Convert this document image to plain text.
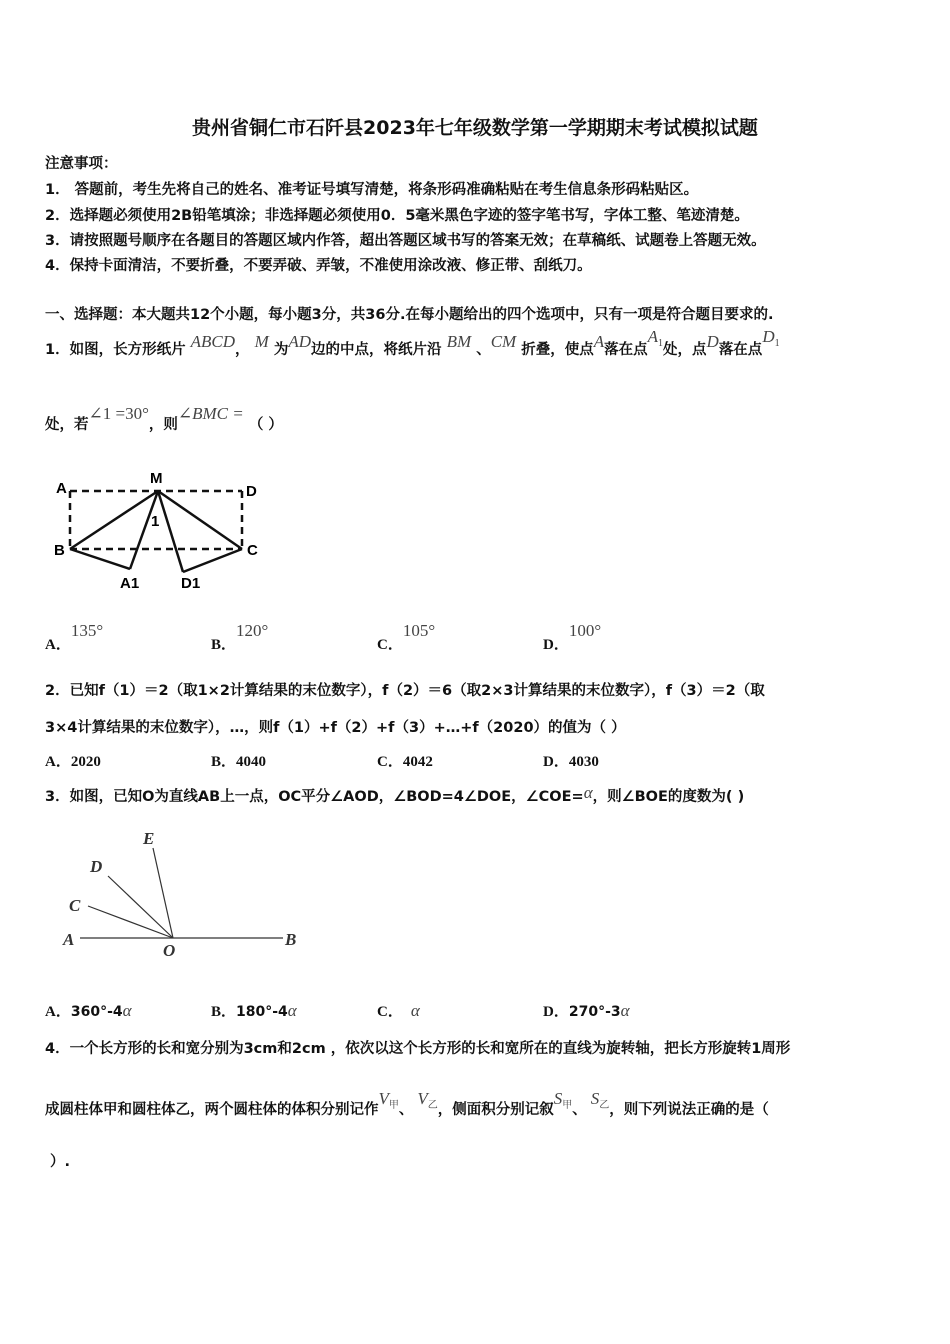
贵州省铜仁市石阡县2023年七年级数学第一学期期末考试模拟试题
注意事项：
1． 答题前，考生先将自己的姓名、准考证号填写清楚，将条形码准确粘贴在考生信息条形码粘贴区。
2．选择题必须使用2B铅笔填涂；非选择题必须使用0．5毫米黑色字迹的签字笔书写，字体工整、笔迹清楚。
3．请按照题号顺序在各题目的答题区域内作答，超出答题区域书写的答案无效；在草稿纸、试题卷上答题无效。
4．保持卡面清洁，不要折叠，不要弄破、弄皱，不准使用涂改液、修正带、刮纸刀。
一、选择题：本大题共12个小题，每小题3分，共36分.在每小题给出的四个选项中，只有一项是符合题目要求的.
1．如图，长方形纸片 ABCD， M 为AD边的中点，将纸片沿 BM 、CM 折叠，使点A落在点$A^1$处，点D落在点$D^1$
处，若∠1 =30°，则∠BMC = （ ）
A
M
D
B	C
A1	D1
1
A．135°
B．120°
C．105°
D．100°
2．已知f（1）＝2（取1×2计算结果的末位数字），f（2）＝6（取2×3计算结果的末位数字），f（3）＝2（取
3×4计算结果的末位数字），…，则f（1）+f（2）+f（3）+…+f（2020）的值为（ ）
A．2020	B．4040	C．4042	D．4030
3．如图，已知O为直线AB上一点，OC平分∠AOD，∠BOD=4∠DOE，∠COE=α，则∠BOE的度数为( )
A	B
C
D
E
O
A．360°-4α	B．180°-4α	C． α	D．270°-3α
4．一个长方形的长和宽分别为3cm和2cm ，依次以这个长方形的长和宽所在的直线为旋转轴，把长方形旋转1周形
成圆柱体甲和圆柱体乙，两个圆柱体的体积分别记作$V^甲$、$V^乙$，侧面积分别记叙$S^甲$、$S^乙$，则下列说法正确的是（
）.
